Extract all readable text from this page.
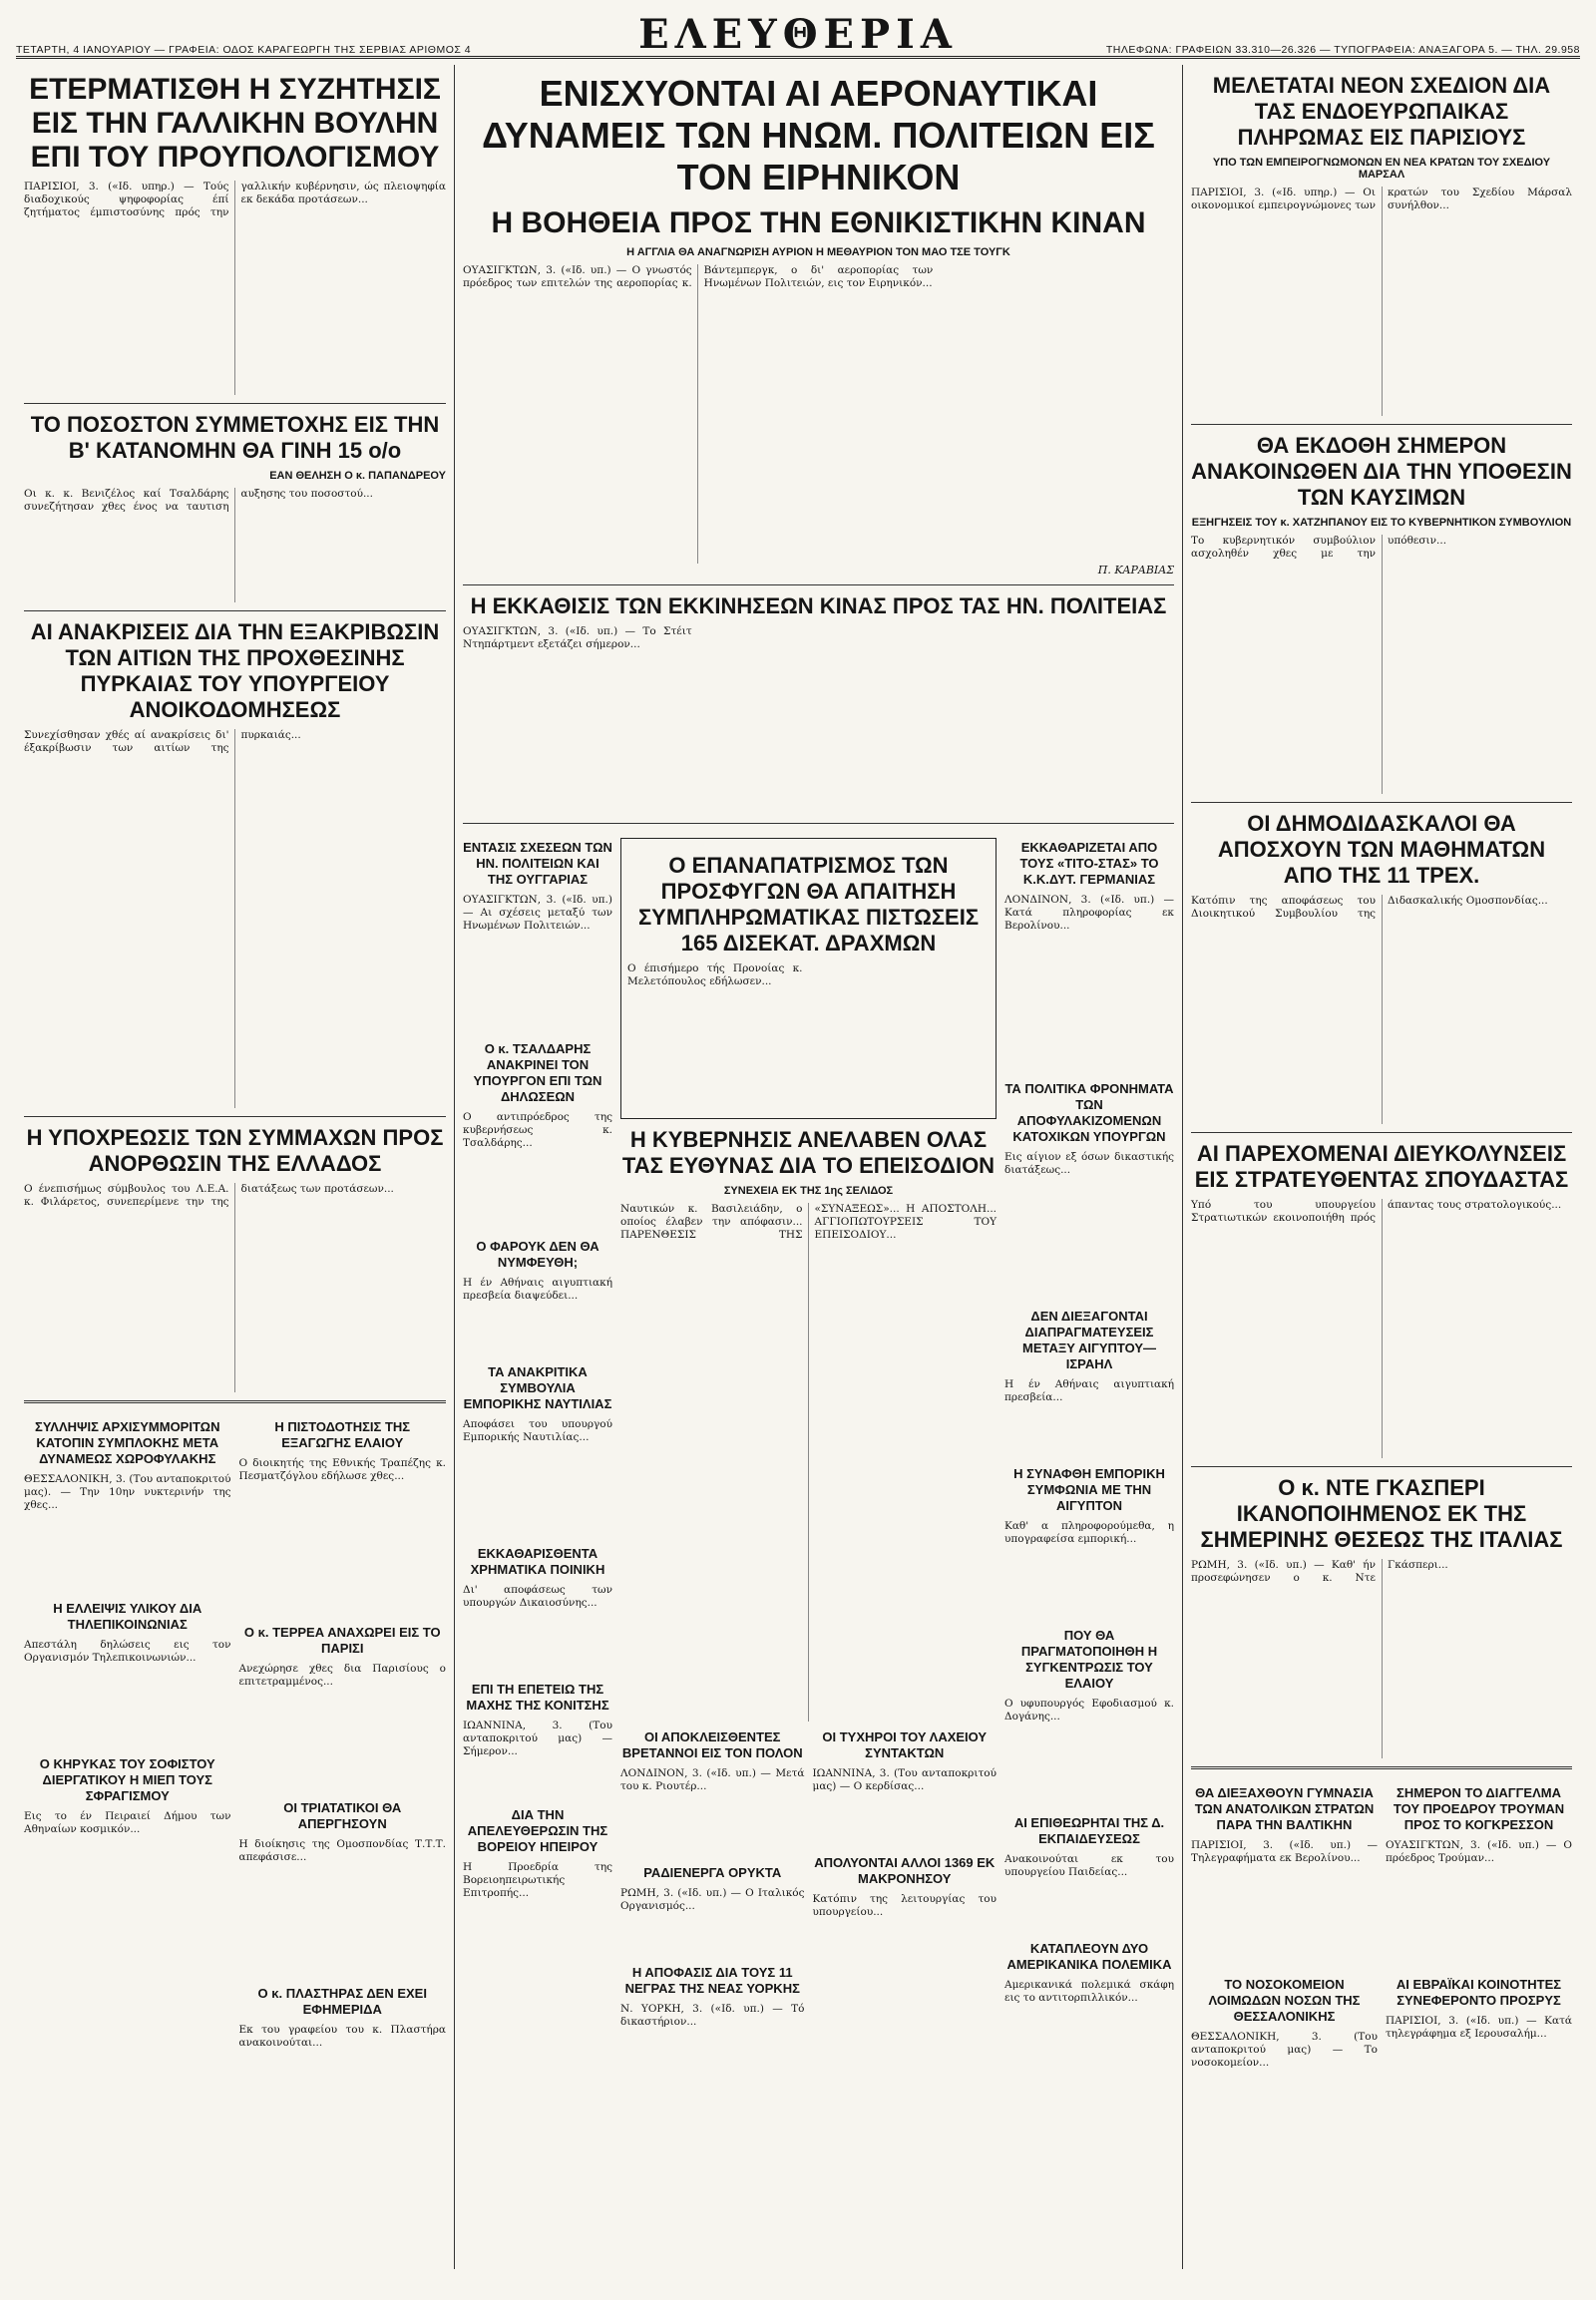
ΤΕΤΑΡΤΗ, 4 ΙΑΝΟΥΑΡΙΟΥ — ΓΡΑΦΕΙΑ: ΟΔΟΣ ΚΑΡΑΓΕΩΡΓΗ ΤΗΣ ΣΕΡΒΙΑΣ ΑΡΙΘΜΟΣ 4	ΕΛΕΥΘΕΡΙΑ	ΤΗΛΕΦΩΝΑ: ΓΡΑΦΕΙΩΝ 33.310—26.326 — ΤΥΠΟΓΡΑΦΕΙΑ: ΑΝΑΞΑΓΟΡΑ 5. — ΤΗΛ. 29.958
ΕΤΕΡΜΑΤΙΣΘΗ Η ΣΥΖΗΤΗΣΙΣ ΕΙΣ ΤΗΝ ΓΑΛΛΙΚΗΝ ΒΟΥΛΗΝ ΕΠΙ ΤΟΥ ΠΡΟΥΠΟΛΟΓΙΣΜΟΥ
ΠΑΡΙΣΙΟΙ, 3. («Ιδ. υπηρ.) — Τούς διαδοχικούς ψηφοφορίας έπί ζητήματος έμπιστοσύνης πρός την γαλλικήν κυβέρνησιν, ώς πλειοψηφία εκ δεκάδα προτάσεων...
ΤΟ ΠΟΣΟΣΤΟΝ ΣΥΜΜΕΤΟΧΗΣ ΕΙΣ ΤΗΝ Β' ΚΑΤΑΝΟΜΗΝ ΘΑ ΓΙΝΗ 15 ο/ο
ΕΑΝ ΘΕΛΗΣΗ Ο κ. ΠΑΠΑΝΔΡΕΟΥ
Οι κ. κ. Βενιζέλος καί Τσαλδάρης συνεζήτησαν χθες ένος να ταυτιση αυξησης του ποσοστού...
ΑΙ ΑΝΑΚΡΙΣΕΙΣ ΔΙΑ ΤΗΝ ΕΞΑΚΡΙΒΩΣΙΝ ΤΩΝ ΑΙΤΙΩΝ ΤΗΣ ΠΡΟΧΘΕΣΙΝΗΣ ΠΥΡΚΑΙΑΣ ΤΟΥ ΥΠΟΥΡΓΕΙΟΥ ΑΝΟΙΚΟΔΟΜΗΣΕΩΣ
Συνεχίσθησαν χθές αί ανακρίσεις δι' έξακρίβωσιν των αιτίων της πυρκαιάς...
Η ΥΠΟΧΡΕΩΣΙΣ ΤΩΝ ΣΥΜΜΑΧΩΝ ΠΡΟΣ ΑΝΟΡΘΩΣΙΝ ΤΗΣ ΕΛΛΑΔΟΣ
Ο ένεπισήμως σύμβουλος του Λ.Ε.Α. κ. Φιλάρετος, συνεπερίμενε την της διατάξεως των προτάσεων...
ΣΥΛΛΗΨΙΣ ΑΡΧΙΣΥΜΜΟΡΙΤΩΝ ΚΑΤΟΠΙΝ ΣΥΜΠΛΟΚΗΣ ΜΕΤΑ ΔΥΝΑΜΕΩΣ ΧΩΡΟΦΥΛΑΚΗΣ
ΘΕΣΣΑΛΟΝΙΚΗ, 3. (Του ανταποκριτού μας). — Την 10ην νυκτερινήν της χθες...
Η ΕΛΛΕΙΨΙΣ ΥΛΙΚΟΥ ΔΙΑ ΤΗΛΕΠΙΚΟΙΝΩΝΙΑΣ
Απεστάλη δηλώσεις εις τον Οργανισμόν Τηλεπικοινωνιών...
Ο ΚΗΡΥΚΑΣ ΤΟΥ ΣΟΦΙΣΤΟΥ ΔΙΕΡΓΑΤΙΚΟΥ Η ΜΙΕΠ ΤΟΥΣ ΣΦΡΑΓΙΣΜΟΥ
Εις το έν Πειραιεί Δήμου των Αθηναίων κοσμικόν...
Η ΠΙΣΤΟΔΟΤΗΣΙΣ ΤΗΣ ΕΞΑΓΩΓΗΣ ΕΛΑΙΟΥ
Ο διοικητής της Εθνικής Τραπέζης κ. Πεσματζόγλου εδήλωσε χθες...
Ο κ. ΤΕΡΡΕΑ ΑΝΑΧΩΡΕΙ ΕΙΣ ΤΟ ΠΑΡΙΣΙ
Ανεχώρησε χθες δια Παρισίους ο επιτετραμμένος...
ΟΙ ΤΡΙΑΤΑΤΙΚΟΙ ΘΑ ΑΠΕΡΓΗΣΟΥΝ
Η διοίκησις της Ομοσπονδίας Τ.Τ.Τ. απεφάσισε...
Ο κ. ΠΛΑΣΤΗΡΑΣ ΔΕΝ ΕΧΕΙ ΕΦΗΜΕΡΙΔΑ
Εκ του γραφείου του κ. Πλαστήρα ανακοινούται...
ΕΝΙΣΧΥΟΝΤΑΙ ΑΙ ΑΕΡΟΝΑΥΤΙΚΑΙ ΔΥΝΑΜΕΙΣ ΤΩΝ ΗΝΩΜ. ΠΟΛΙΤΕΙΩΝ ΕΙΣ ΤΟΝ ΕΙΡΗΝΙΚΟΝ
Η ΒΟΗΘΕΙΑ ΠΡΟΣ ΤΗΝ ΕΘΝΙΚΙΣΤΙΚΗΝ ΚΙΝΑΝ
Η ΑΓΓΛΙΑ ΘΑ ΑΝΑΓΝΩΡΙΣΗ ΑΥΡΙΟΝ Η ΜΕΘΑΥΡΙΟΝ ΤΟΝ ΜΑΟ ΤΣΕ ΤΟΥΓΚ
ΟΥΑΣΙΓΚΤΩΝ, 3. («Ιδ. υπ.) — Ο γνωστός πρόεδρος των επιτελών της αεροπορίας κ. Βάντεμπεργκ, ο δι' αεροπορίας των Ηνωμένων Πολιτειών, εις τον Ειρηνικόν...
Π. ΚΑΡΑΒΙΑΣ
Η ΕΚΚΑΘΙΣΙΣ ΤΩΝ ΕΚΚΙΝΗΣΕΩΝ ΚΙΝΑΣ ΠΡΟΣ ΤΑΣ ΗΝ. ΠΟΛΙΤΕΙΑΣ
ΟΥΑΣΙΓΚΤΩΝ, 3. («Ιδ. υπ.) — Το Στέιτ Ντηπάρτμεντ εξετάζει σήμερον...
ΕΝΤΑΣΙΣ ΣΧΕΣΕΩΝ ΤΩΝ ΗΝ. ΠΟΛΙΤΕΙΩΝ ΚΑΙ ΤΗΣ ΟΥΓΓΑΡΙΑΣ
ΟΥΑΣΙΓΚΤΩΝ, 3. («Ιδ. υπ.) — Αι σχέσεις μεταξύ των Ηνωμένων Πολιτειών...
Ο κ. ΤΣΑΛΔΑΡΗΣ ΑΝΑΚΡΙΝΕΙ ΤΟΝ ΥΠΟΥΡΓΟΝ ΕΠΙ ΤΩΝ ΔΗΛΩΣΕΩΝ
Ο αντιπρόεδρος της κυβερνήσεως κ. Τσαλδάρης...
Ο ΦΑΡΟΥΚ ΔΕΝ ΘΑ ΝΥΜΦΕΥΘΗ;
Η έν Αθήναις αιγυπτιακή πρεσβεία διαψεύδει...
ΤΑ ΑΝΑΚΡΙΤΙΚΑ ΣΥΜΒΟΥΛΙΑ ΕΜΠΟΡΙΚΗΣ ΝΑΥΤΙΛΙΑΣ
Αποφάσει του υπουργού Εμπορικής Ναυτιλίας...
ΕΚΚΑΘΑΡΙΣΘΕΝΤΑ ΧΡΗΜΑΤΙΚΑ ΠΟΙΝΙΚΗ
Δι' αποφάσεως των υπουργών Δικαιοσύνης...
ΕΠΙ ΤΗ ΕΠΕΤΕΙΩ ΤΗΣ ΜΑΧΗΣ ΤΗΣ ΚΟΝΙΤΣΗΣ
ΙΩΑΝΝΙΝΑ, 3. (Του ανταποκριτού μας) — Σήμερον...
ΔΙΑ ΤΗΝ ΑΠΕΛΕΥΘΕΡΩΣΙΝ ΤΗΣ ΒΟΡΕΙΟΥ ΗΠΕΙΡΟΥ
Η Προεδρία της Βορειοηπειρωτικής Επιτροπής...
Ο ΕΠΑΝΑΠΑΤΡΙΣΜΟΣ ΤΩΝ ΠΡΟΣΦΥΓΩΝ ΘΑ ΑΠΑΙΤΗΣΗ ΣΥΜΠΛΗΡΩΜΑΤΙΚΑΣ ΠΙΣΤΩΣΕΙΣ 165 ΔΙΣΕΚΑΤ. ΔΡΑΧΜΩΝ
Ο έπισήμερο τής Προνοίας κ. Μελετόπουλος εδήλωσεν...
Η ΚΥΒΕΡΝΗΣΙΣ ΑΝΕΛΑΒΕΝ ΟΛΑΣ ΤΑΣ ΕΥΘΥΝΑΣ ΔΙΑ ΤΟ ΕΠΕΙΣΟΔΙΟΝ
ΣΥΝΕΧΕΙΑ ΕΚ ΤΗΣ 1ης ΣΕΛΙΔΟΣ
Ναυτικών κ. Βασιλειάδην, ο οποίος έλαβεν την απόφασιν... ΠΑΡΕΝΘΕΣΙΣ ΤΗΣ «ΣΥΝΑΞΕΩΣ»... Η ΑΠΟΣΤΟΛΗ... ΑΓΓΙΟΠΩΤΟΥΡΣΕΙΣ ΤΟΥ ΕΠΕΙΣΟΔΙΟΥ...
ΟΙ ΑΠΟΚΛΕΙΣΘΕΝΤΕΣ ΒΡΕΤΑΝΝΟΙ ΕΙΣ ΤΟΝ ΠΟΛΟΝ
ΛΟΝΔΙΝΟΝ, 3. («Ιδ. υπ.) — Μετά του κ. Ριουτέρ...
ΡΑΔΙΕΝΕΡΓΑ ΟΡΥΚΤΑ
ΡΩΜΗ, 3. («Ιδ. υπ.) — Ο Ιταλικός Οργανισμός...
Η ΑΠΟΦΑΣΙΣ ΔΙΑ ΤΟΥΣ 11 ΝΕΓΡΑΣ ΤΗΣ ΝΕΑΣ ΥΟΡΚΗΣ
Ν. ΥΟΡΚΗ, 3. («Ιδ. υπ.) — Τό δικαστήριον...
ΟΙ ΤΥΧΗΡΟΙ ΤΟΥ ΛΑΧΕΙΟΥ ΣΥΝΤΑΚΤΩΝ
ΙΩΑΝΝΙΝΑ, 3. (Του ανταποκριτού μας) — Ο κερδίσας...
ΑΠΟΛΥΟΝΤΑΙ ΑΛΛΟΙ 1369 ΕΚ ΜΑΚΡΟΝΗΣΟΥ
Κατόπιν της λειτουργίας του υπουργείου...
ΕΚΚΑΘΑΡΙΖΕΤΑΙ ΑΠΟ ΤΟΥΣ «ΤΙΤΟ-ΣΤΑΣ» ΤΟ Κ.Κ.ΔΥΤ. ΓΕΡΜΑΝΙΑΣ
ΛΟΝΔΙΝΟΝ, 3. («Ιδ. υπ.) — Κατά πληροφορίας εκ Βερολίνου...
ΤΑ ΠΟΛΙΤΙΚΑ ΦΡΟΝΗΜΑΤΑ ΤΩΝ ΑΠΟΦΥΛΑΚΙΖΟΜΕΝΩΝ ΚΑΤΟΧΙΚΩΝ ΥΠΟΥΡΓΩΝ
Εις αίγιον εξ όσων δικαστικής διατάξεως...
ΔΕΝ ΔΙΕΞΑΓΟΝΤΑΙ ΔΙΑΠΡΑΓΜΑΤΕΥΣΕΙΣ ΜΕΤΑΞΥ ΑΙΓΥΠΤΟΥ—ΙΣΡΑΗΛ
Η έν Αθήναις αιγυπτιακή πρεσβεία...
Η ΣΥΝΑΦΘΗ ΕΜΠΟΡΙΚΗ ΣΥΜΦΩΝΙΑ ΜΕ ΤΗΝ ΑΙΓΥΠΤΟΝ
Καθ' α πληροφορούμεθα, η υπογραφείσα εμπορική...
ΠΟΥ ΘΑ ΠΡΑΓΜΑΤΟΠΟΙΗΘΗ Η ΣΥΓΚΕΝΤΡΩΣΙΣ ΤΟΥ ΕΛΑΙΟΥ
Ο υφυπουργός Εφοδιασμού κ. Δογάνης...
ΑΙ ΕΠΙΘΕΩΡΗΤΑΙ ΤΗΣ Δ. ΕΚΠΑΙΔΕΥΣΕΩΣ
Ανακοινούται εκ του υπουργείου Παιδείας...
ΚΑΤΑΠΛΕΟΥΝ ΔΥΟ ΑΜΕΡΙΚΑΝΙΚΑ ΠΟΛΕΜΙΚΑ
Αμερικανικά πολεμικά σκάφη εις το αντιτορπιλλικόν...
ΜΕΛΕΤΑΤΑΙ ΝΕΟΝ ΣΧΕΔΙΟΝ ΔΙΑ ΤΑΣ ΕΝΔΟΕΥΡΩΠΑΙΚΑΣ ΠΛΗΡΩΜΑΣ ΕΙΣ ΠΑΡΙΣΙΟΥΣ
ΥΠΟ ΤΩΝ ΕΜΠΕΙΡΟΓΝΩΜΟΝΩΝ ΕΝ ΝΕΑ ΚΡΑΤΩΝ ΤΟΥ ΣΧΕΔΙΟΥ ΜΑΡΣΑΛ
ΠΑΡΙΣΙΟΙ, 3. («Ιδ. υπηρ.) — Οι οικονομικοί εμπειρογνώμονες των κρατών του Σχεδίου Μάρσαλ συνήλθον...
ΘΑ ΕΚΔΟΘΗ ΣΗΜΕΡΟΝ ΑΝΑΚΟΙΝΩΘΕΝ ΔΙΑ ΤΗΝ ΥΠΟΘΕΣΙΝ ΤΩΝ ΚΑΥΣΙΜΩΝ
ΕΞΗΓΗΣΕΙΣ ΤΟΥ κ. ΧΑΤΖΗΠΑΝΟΥ ΕΙΣ ΤΟ ΚΥΒΕΡΝΗΤΙΚΟΝ ΣΥΜΒΟΥΛΙΟΝ
Το κυβερνητικόν συμβούλιον ασχοληθέν χθες με την υπόθεσιν...
ΟΙ ΔΗΜΟΔΙΔΑΣΚΑΛΟΙ ΘΑ ΑΠΟΣΧΟΥΝ ΤΩΝ ΜΑΘΗΜΑΤΩΝ ΑΠΟ ΤΗΣ 11 ΤΡΕΧ.
Κατόπιν της αποφάσεως του Διοικητικού Συμβουλίου της Διδασκαλικής Ομοσπονδίας...
ΑΙ ΠΑΡΕΧΟΜΕΝΑΙ ΔΙΕΥΚΟΛΥΝΣΕΙΣ ΕΙΣ ΣΤΡΑΤΕΥΘΕΝΤΑΣ ΣΠΟΥΔΑΣΤΑΣ
Υπό του υπουργείου Στρατιωτικών εκοινοποιήθη πρός άπαντας τους στρατολογικούς...
Ο κ. ΝΤΕ ΓΚΑΣΠΕΡΙ ΙΚΑΝΟΠΟΙΗΜΕΝΟΣ ΕΚ ΤΗΣ ΣΗΜΕΡΙΝΗΣ ΘΕΣΕΩΣ ΤΗΣ ΙΤΑΛΙΑΣ
ΡΩΜΗ, 3. («Ιδ. υπ.) — Καθ' ήν προσεφώνησεν ο κ. Ντε Γκάσπερι...
ΘΑ ΔΙΕΞΑΧΘΟΥΝ ΓΥΜΝΑΣΙΑ ΤΩΝ ΑΝΑΤΟΛΙΚΩΝ ΣΤΡΑΤΩΝ ΠΑΡΑ ΤΗΝ ΒΑΛΤΙΚΗΝ
ΠΑΡΙΣΙΟΙ, 3. («Ιδ. υπ.) — Τηλεγραφήματα εκ Βερολίνου...
ΤΟ ΝΟΣΟΚΟΜΕΙΟΝ ΛΟΙΜΩΔΩΝ ΝΟΣΩΝ ΤΗΣ ΘΕΣΣΑΛΟΝΙΚΗΣ
ΘΕΣΣΑΛΟΝΙΚΗ, 3. (Του ανταποκριτού μας) — Το νοσοκομείον...
ΣΗΜΕΡΟΝ ΤΟ ΔΙΑΓΓΕΛΜΑ ΤΟΥ ΠΡΟΕΔΡΟΥ ΤΡΟΥΜΑΝ ΠΡΟΣ ΤΟ ΚΟΓΚΡΕΣΣΟΝ
ΟΥΑΣΙΓΚΤΩΝ, 3. («Ιδ. υπ.) — Ο πρόεδρος Τρούμαν...
ΑΙ ΕΒΡΑΪΚΑΙ ΚΟΙΝΟΤΗΤΕΣ ΣΥΝΕΦΕΡΟΝΤΟ ΠΡΟΣΡΥΣ
ΠΑΡΙΣΙΟΙ, 3. («Ιδ. υπ.) — Κατά τηλεγράφημα εξ Ιερουσαλήμ...
